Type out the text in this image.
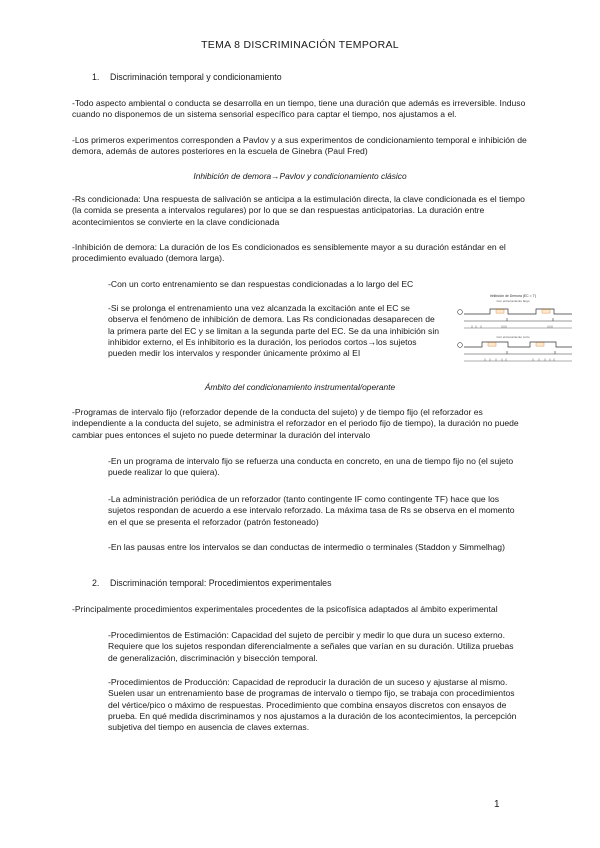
TEMA 8 DISCRIMINACIÓN TEMPORAL
1. Discriminación temporal y condicionamiento
-Todo aspecto ambiental o conducta se desarrolla en un tiempo, tiene una duración que además es irreversible. Induso cuando no disponemos de un sistema sensorial específico para captar el tiempo, nos ajustamos a el.
-Los primeros experimentos corresponden a Pavlov y a sus experimentos de condicionamiento temporal e inhibición de demora, además de autores posteriores en la escuela de Ginebra (Paul Fred)
Inhibición de demora→Pavlov y condicionamiento clásico
-Rs condicionada: Una respuesta de salivación se anticipa a la estimulación directa, la clave condicionada es el tiempo (la comida se presenta a intervalos regulares) por lo que se dan respuestas anticipatorias. La duración entre acontecimientos se convierte en la clave condicionada
-Inhibición de demora: La duración de los Es condicionados es sensiblemente mayor a su duración estándar en el procedimiento evaluado (demora larga).
-Con un corto entrenamiento se dan respuestas condicionadas a lo largo del EC
-Si se prolonga el entrenamiento una vez alcanzada la excitación ante el EC se observa el fenómeno de inhibición de demora. Las Rs condicionadas desaparecen de la primera parte del EC y se limitan a la segunda parte del EC. Se da una inhibición sin inhibidor externo, el Es inhibitorio es la duración, los periodos cortos→los sujetos pueden medir los intervalos y responder únicamente próximo al EI
Inhibición de Demora (EC = 7')
Con entrenamiento largo
Con entrenamiento corto
Ámbito del condicionamiento instrumental/operante
-Programas de intervalo fijo (reforzador depende de la conducta del sujeto) y de tiempo fijo (el reforzador es independiente a la conducta del sujeto, se administra el reforzador en el periodo fijo de tiempo), la duración no puede cambiar pues entonces el sujeto no puede determinar la duración del intervalo
-En un programa de intervalo fijo se refuerza una conducta en concreto, en una de tiempo fijo no (el sujeto puede realizar lo que quiera).
-La administración periódica de un reforzador (tanto contingente IF como contingente TF) hace que los sujetos respondan de acuerdo a ese intervalo reforzado. La máxima tasa de Rs se observa en el momento en el que se presenta el reforzador (patrón festoneado)
-En las pausas entre los intervalos se dan conductas de intermedio o terminales (Staddon y Simmelhag)
2. Discriminación temporal: Procedimientos experimentales
-Principalmente procedimientos experimentales procedentes de la psicofísica adaptados al ámbito experimental
-Procedimientos de Estimación: Capacidad del sujeto de percibir y medir lo que dura un suceso externo. Requiere que los sujetos respondan diferencialmente a señales que varían en su duración. Utiliza pruebas de generalización, discriminación y bisección temporal.
-Procedimientos de Producción: Capacidad de reproducir la duración de un suceso y ajustarse al mismo. Suelen usar un entrenamiento base de programas de intervalo o tiempo fijo, se trabaja con procedimientos del vértice/pico o máximo de respuestas. Procedimiento que combina ensayos discretos con ensayos de prueba. En qué medida discriminamos y nos ajustamos a la duración de los acontecimientos, la percepción subjetiva del tiempo en ausencia de claves externas.
1
